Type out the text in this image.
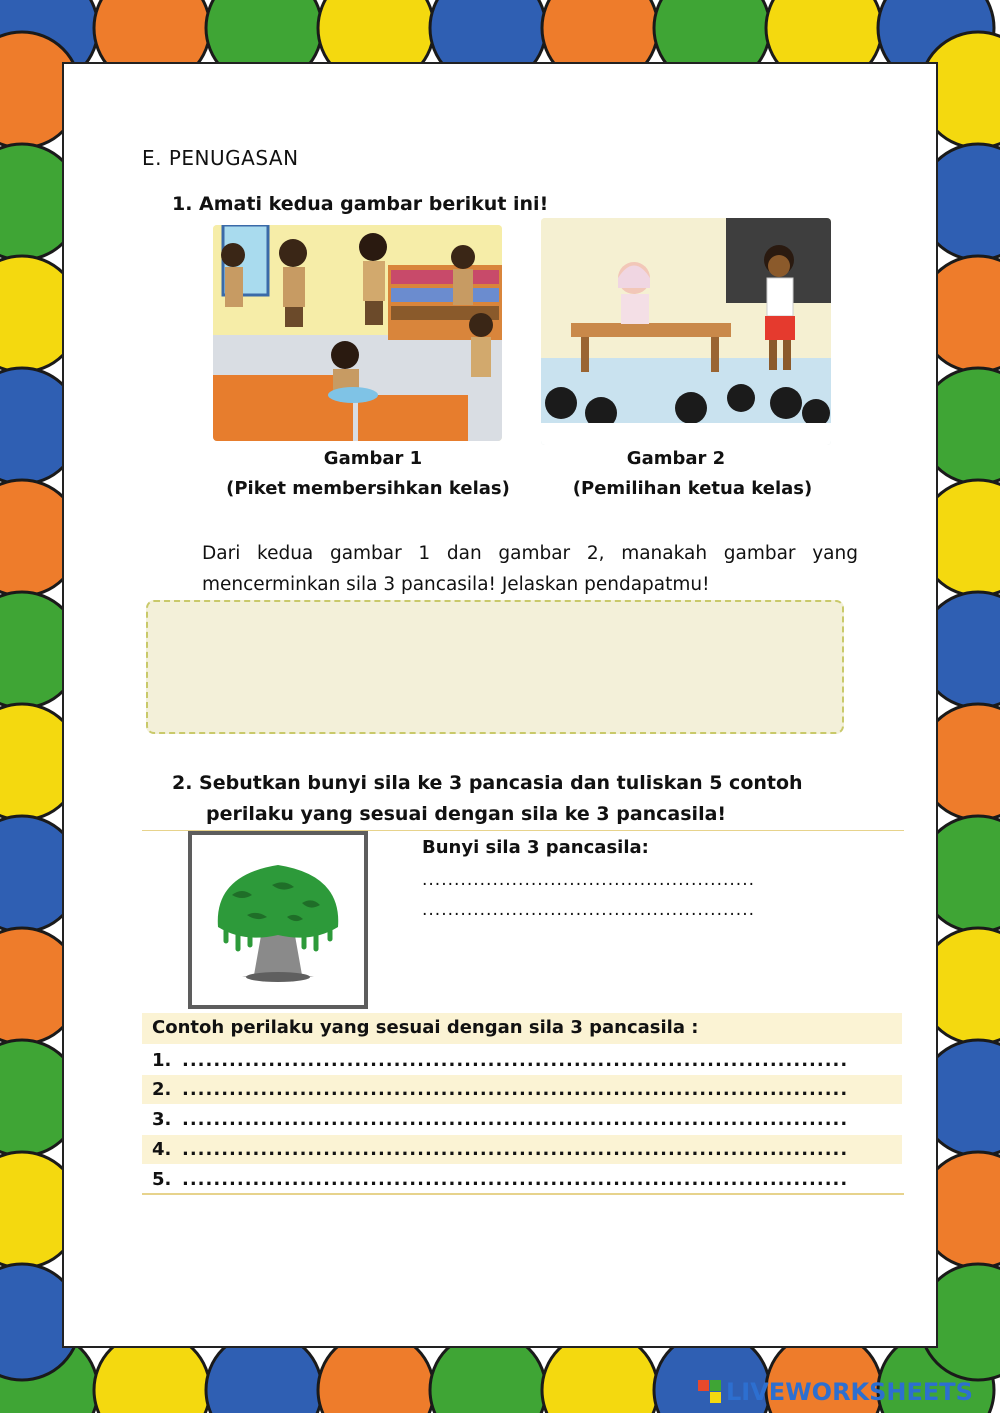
E. PENUGASAN
1. Amati kedua gambar berikut ini!
Gambar 1
(Piket membersihkan kelas)
Gambar 2
(Pemilihan ketua kelas)
Dari kedua gambar 1 dan gambar 2, manakah gambar yang mencerminkan sila 3 pancasila! Jelaskan pendapatmu!
2. Sebutkan bunyi sila ke 3 pancasia dan tuliskan 5 contoh
perilaku yang sesuai dengan sila ke 3 pancasila!
Bunyi sila 3 pancasila:
....................................................
....................................................
Contoh perilaku yang sesuai dengan sila 3 pancasila :
1. .....................................................................................
2. .....................................................................................
3. .....................................................................................
4. .....................................................................................
5. .....................................................................................
LIVEWORKSHEETS
